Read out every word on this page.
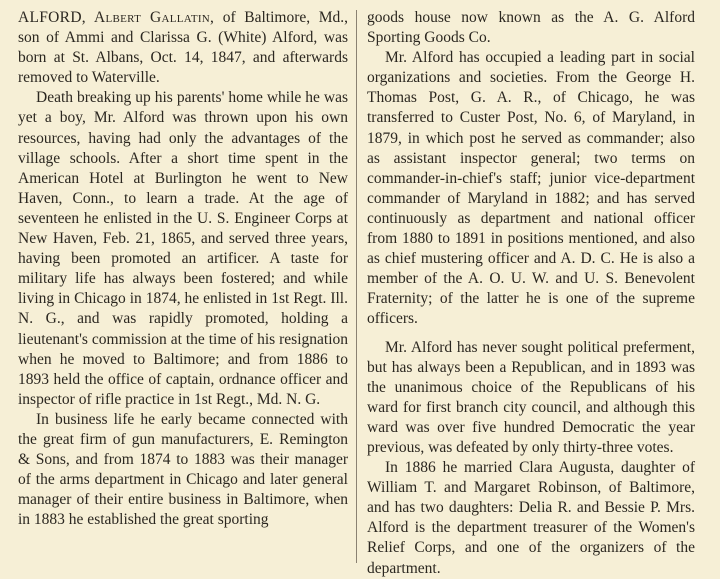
ALFORD, Albert Gallatin, of Baltimore, Md., son of Ammi and Clarissa G. (White) Alford, was born at St. Albans, Oct. 14, 1847, and afterwards removed to Waterville.

Death breaking up his parents' home while he was yet a boy, Mr. Alford was thrown upon his own resources, having had only the advantages of the village schools. After a short time spent in the American Hotel at Burlington he went to New Haven, Conn., to learn a trade. At the age of seventeen he enlisted in the U. S. Engineer Corps at New Haven, Feb. 21, 1865, and served three years, having been promoted an artificer. A taste for military life has always been fostered; and while living in Chicago in 1874, he enlisted in 1st Regt. Ill. N. G., and was rapidly promoted, holding a lieutenant's commission at the time of his resignation when he moved to Baltimore; and from 1886 to 1893 held the office of captain, ordnance officer and inspector of rifle practice in 1st Regt., Md. N. G.

In business life he early became connected with the great firm of gun manufacturers, E. Remington & Sons, and from 1874 to 1883 was their manager of the arms department in Chicago and later general manager of their entire business in Baltimore, when in 1883 he established the great sporting

goods house now known as the A. G. Alford Sporting Goods Co.

Mr. Alford has occupied a leading part in social organizations and societies. From the George H. Thomas Post, G. A. R., of Chicago, he was transferred to Custer Post, No. 6, of Maryland, in 1879, in which post he served as commander; also as assistant inspector general; two terms on commander-in-chief's staff; junior vice-department commander of Maryland in 1882; and has served continuously as department and national officer from 1880 to 1891 in positions mentioned, and also as chief mustering officer and A. D. C. He is also a member of the A. O. U. W. and U. S. Benevolent Fraternity; of the latter he is one of the supreme officers.

Mr. Alford has never sought political preferment, but has always been a Republican, and in 1893 was the unanimous choice of the Republicans of his ward for first branch city council, and although this ward was over five hundred Democratic the year previous, was defeated by only thirty-three votes.

In 1886 he married Clara Augusta, daughter of William T. and Margaret Robinson, of Baltimore, and has two daughters: Delia R. and Bessie P. Mrs. Alford is the department treasurer of the Women's Relief Corps, and one of the organizers of the department.
